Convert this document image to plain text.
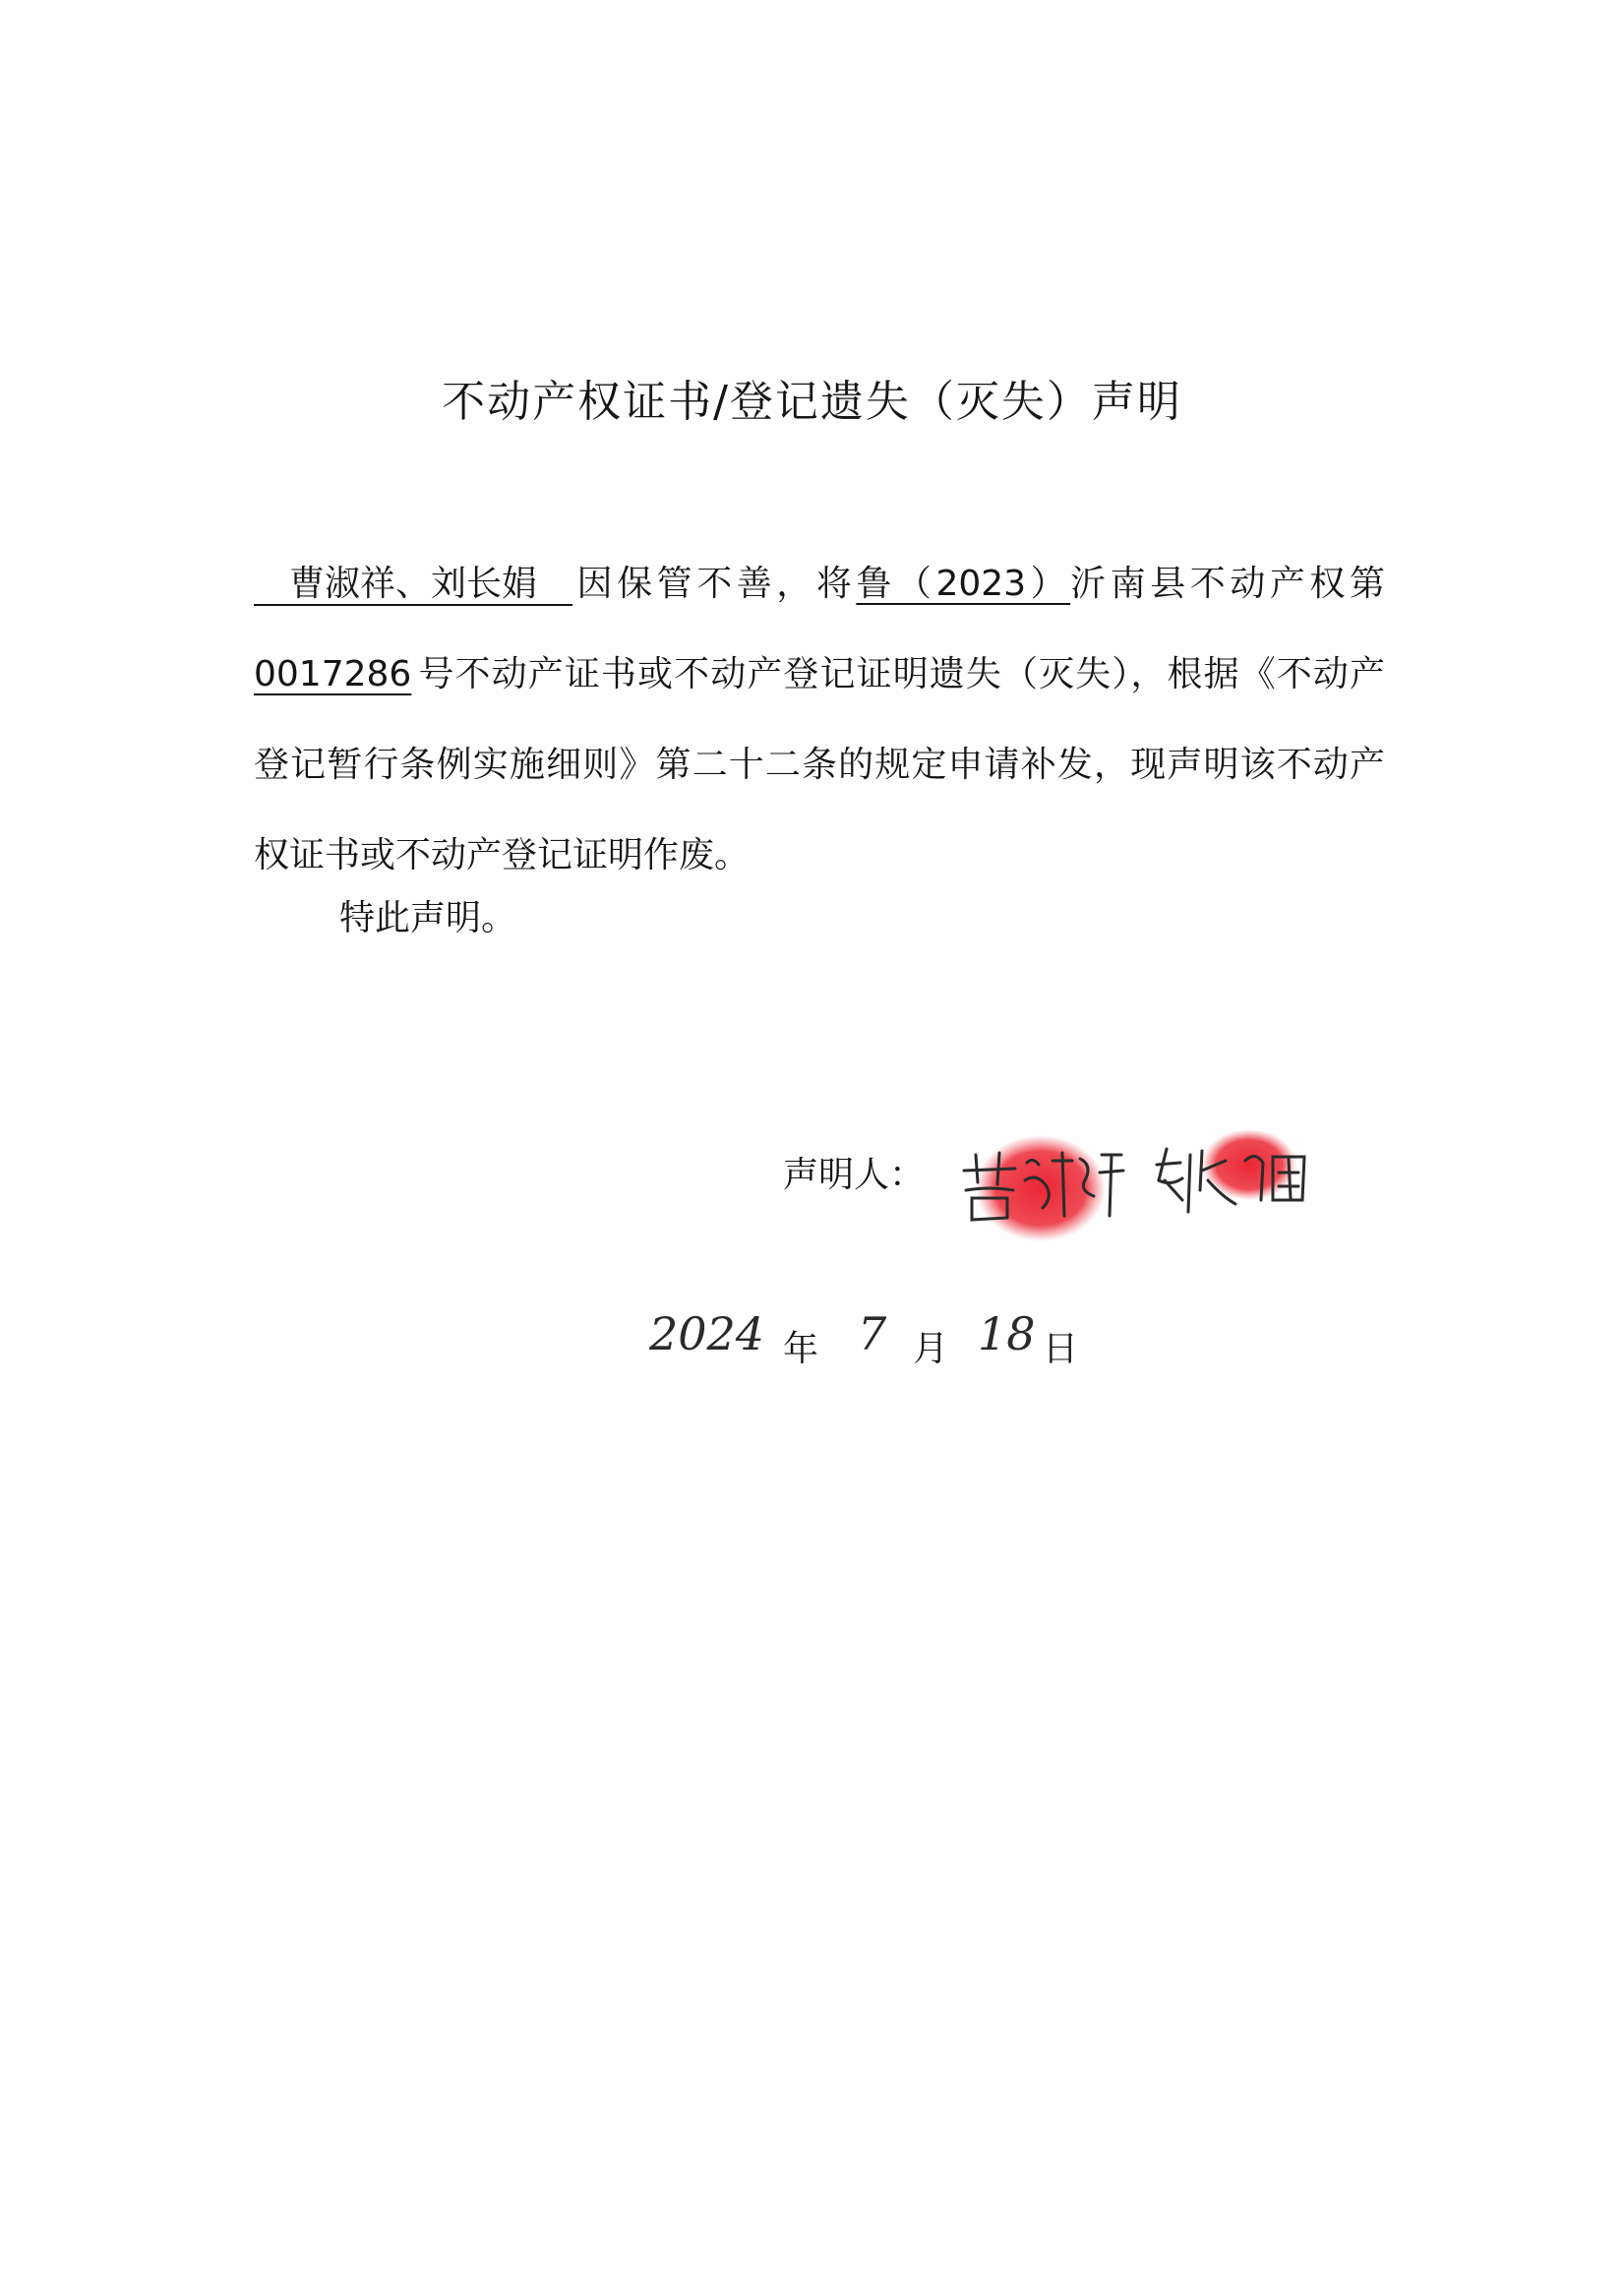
不动产权证书/登记遗失（灭失）声明
曹淑祥、刘长娟 因保管不善，将鲁（2023）沂南县不动产权第0017286 号不动产证书或不动产登记证明遗失（灭失），根据《不动产登记暂行条例实施细则》第二十二条的规定申请补发，现声明该不动产权证书或不动产登记证明作废。
特此声明。
声明人：
2024 年 7 月 18 日
